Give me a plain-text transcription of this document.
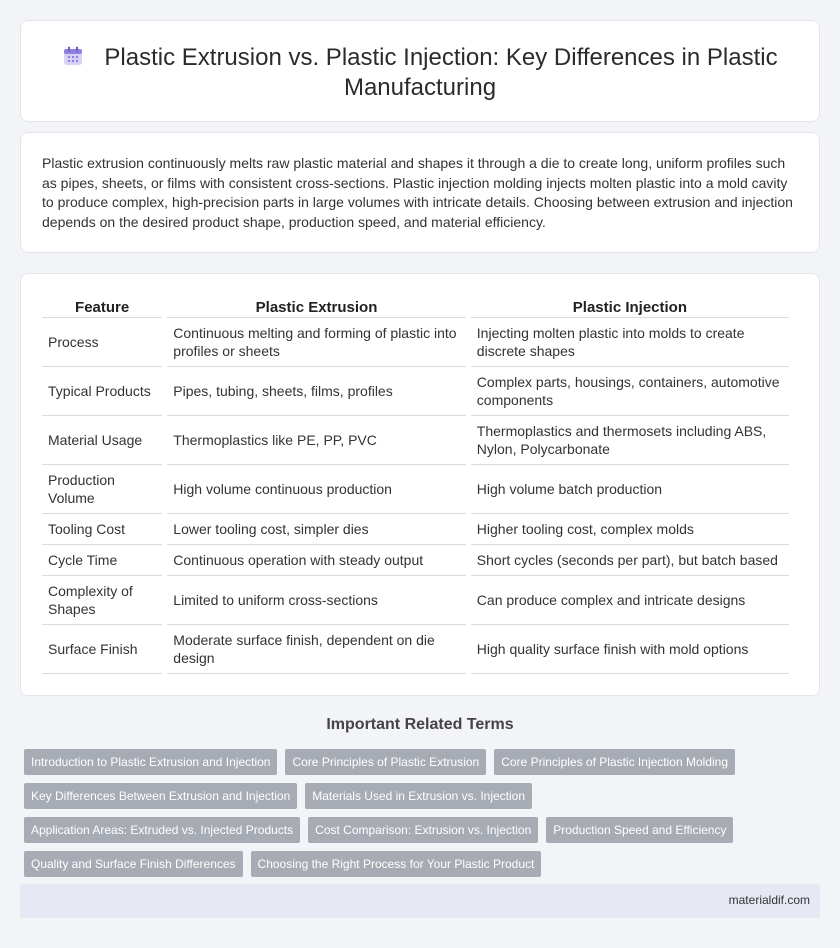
Plastic Extrusion vs. Plastic Injection: Key Differences in Plastic Manufacturing

Plastic extrusion continuously melts raw plastic material and shapes it through a die to create long, uniform profiles such as pipes, sheets, or films with consistent cross-sections. Plastic injection molding injects molten plastic into a mold cavity to produce complex, high-precision parts in large volumes with intricate details. Choosing between extrusion and injection depends on the desired product shape, production speed, and material efficiency.

Feature	Plastic Extrusion	Plastic Injection
Process	Continuous melting and forming of plastic into profiles or sheets	Injecting molten plastic into molds to create discrete shapes
Typical Products	Pipes, tubing, sheets, films, profiles	Complex parts, housings, containers, automotive components
Material Usage	Thermoplastics like PE, PP, PVC	Thermoplastics and thermosets including ABS, Nylon, Polycarbonate
Production Volume	High volume continuous production	High volume batch production
Tooling Cost	Lower tooling cost, simpler dies	Higher tooling cost, complex molds
Cycle Time	Continuous operation with steady output	Short cycles (seconds per part), but batch based
Complexity of Shapes	Limited to uniform cross-sections	Can produce complex and intricate designs
Surface Finish	Moderate surface finish, dependent on die design	High quality surface finish with mold options
Important Related Terms
Introduction to Plastic Extrusion and Injection	Core Principles of Plastic Extrusion	Core Principles of Plastic Injection Molding
Key Differences Between Extrusion and Injection	Materials Used in Extrusion vs. Injection
Application Areas: Extruded vs. Injected Products	Cost Comparison: Extrusion vs. Injection	Production Speed and Efficiency
Quality and Surface Finish Differences	Choosing the Right Process for Your Plastic Product
materialdif.com
